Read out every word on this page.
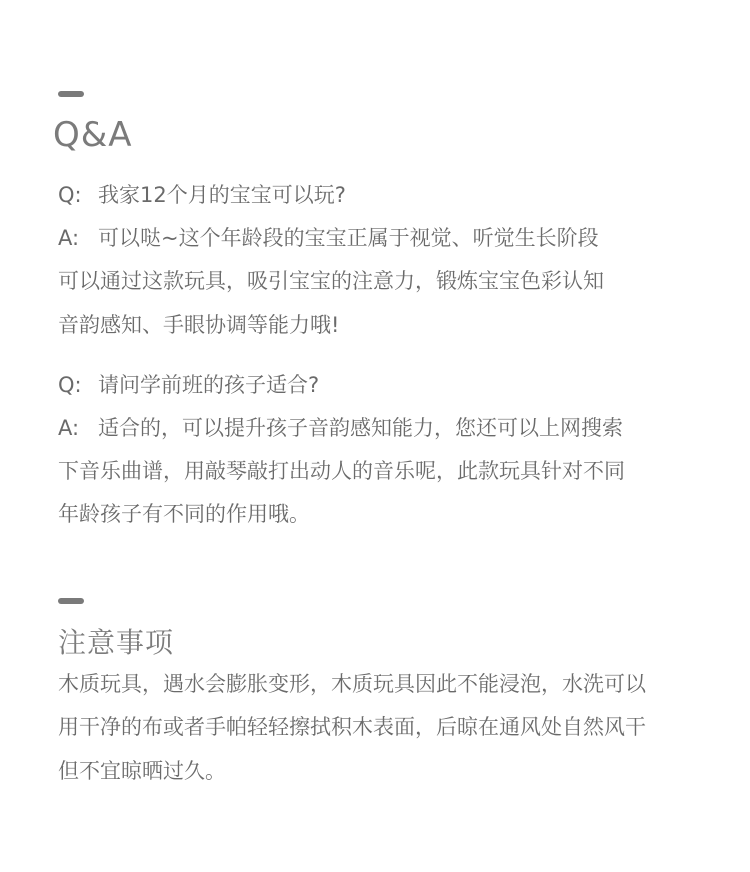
Q&A
Q: 我家12个月的宝宝可以玩?
A: 可以哒~这个年龄段的宝宝正属于视觉、听觉生长阶段
可以通过这款玩具，吸引宝宝的注意力，锻炼宝宝色彩认知
音韵感知、手眼协调等能力哦!
Q: 请问学前班的孩子适合?
A: 适合的，可以提升孩子音韵感知能力，您还可以上网搜索
下音乐曲谱，用敲琴敲打出动人的音乐呢，此款玩具针对不同
年龄孩子有不同的作用哦。
注意事项
木质玩具，遇水会膨胀变形，木质玩具因此不能浸泡，水洗可以
用干净的布或者手帕轻轻擦拭积木表面，后晾在通风处自然风干
但不宜晾晒过久。
